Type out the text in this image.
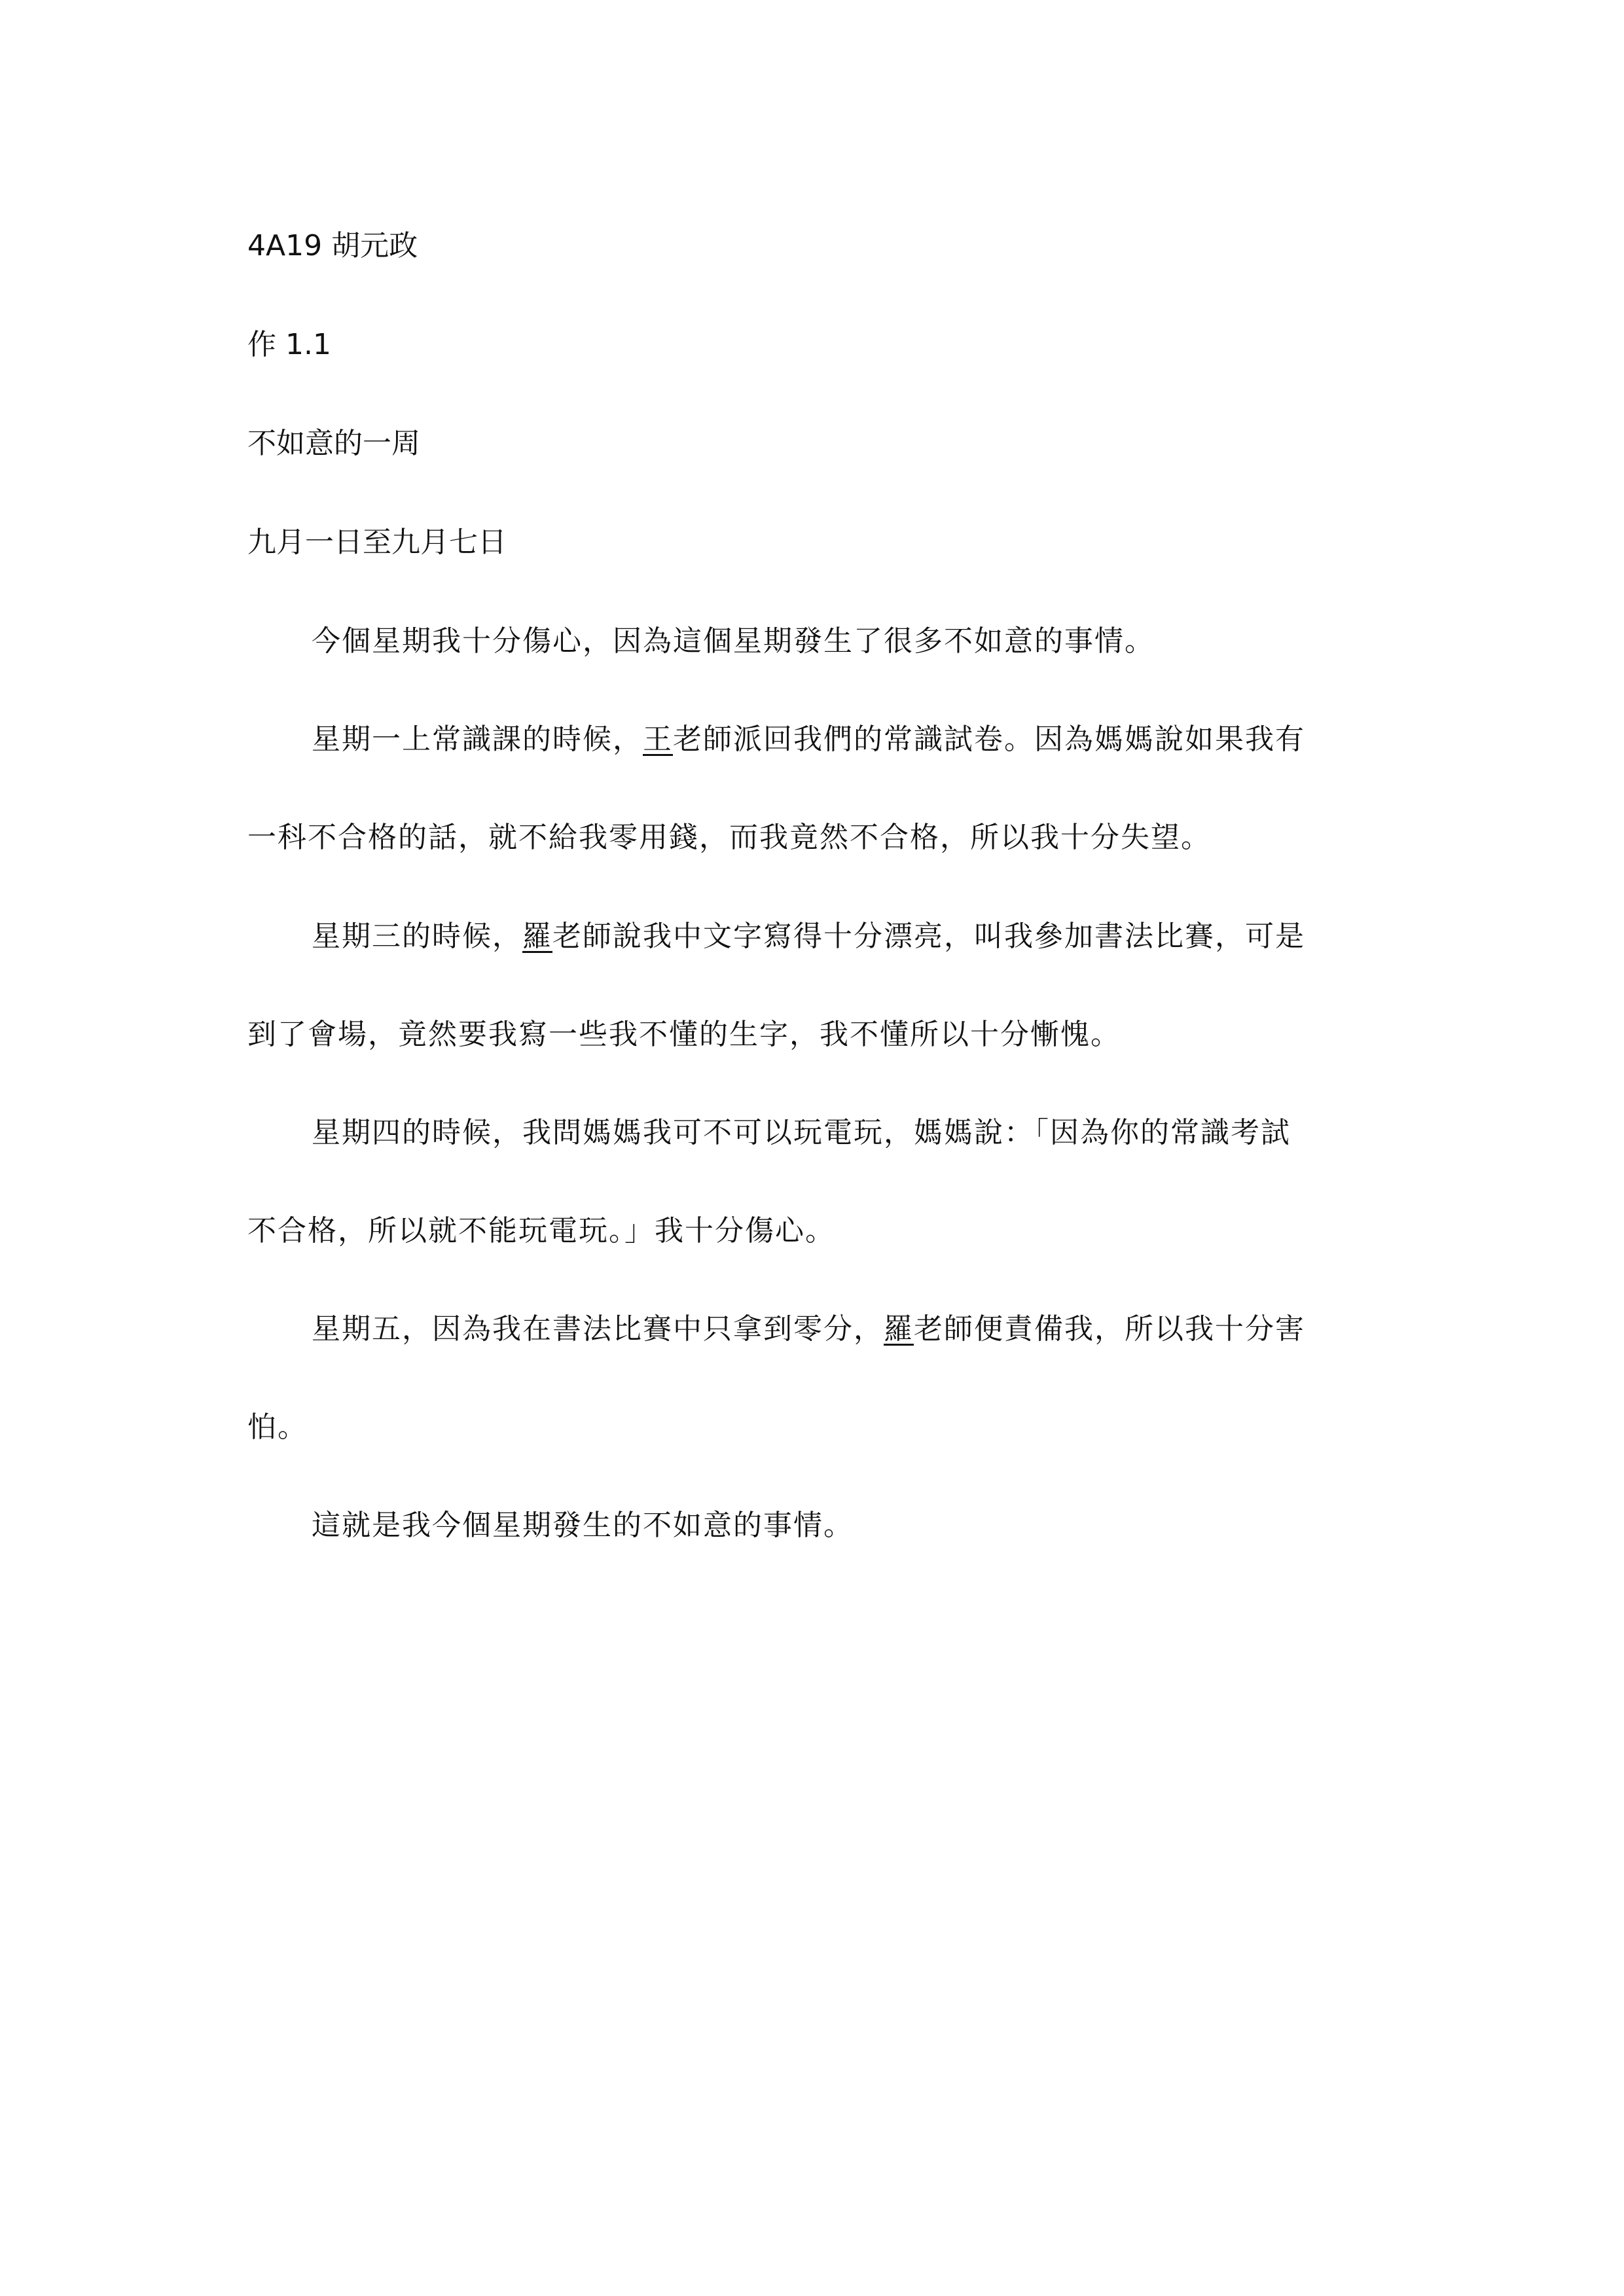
4A19 胡元政
作 1.1
不如意的一周
九月一日至九月七日
今個星期我十分傷心，因為這個星期發生了很多不如意的事情。
星期一上常識課的時候，王老師派回我們的常識試卷。因為媽媽說如果我有
一科不合格的話，就不給我零用錢，而我竟然不合格，所以我十分失望。
星期三的時候，羅老師說我中文字寫得十分漂亮，叫我參加書法比賽，可是
到了會場，竟然要我寫一些我不懂的生字，我不懂所以十分慚愧。
星期四的時候，我問媽媽我可不可以玩電玩，媽媽說：「因為你的常識考試
不合格，所以就不能玩電玩。」我十分傷心。
星期五，因為我在書法比賽中只拿到零分，羅老師便責備我，所以我十分害
怕。
這就是我今個星期發生的不如意的事情。
